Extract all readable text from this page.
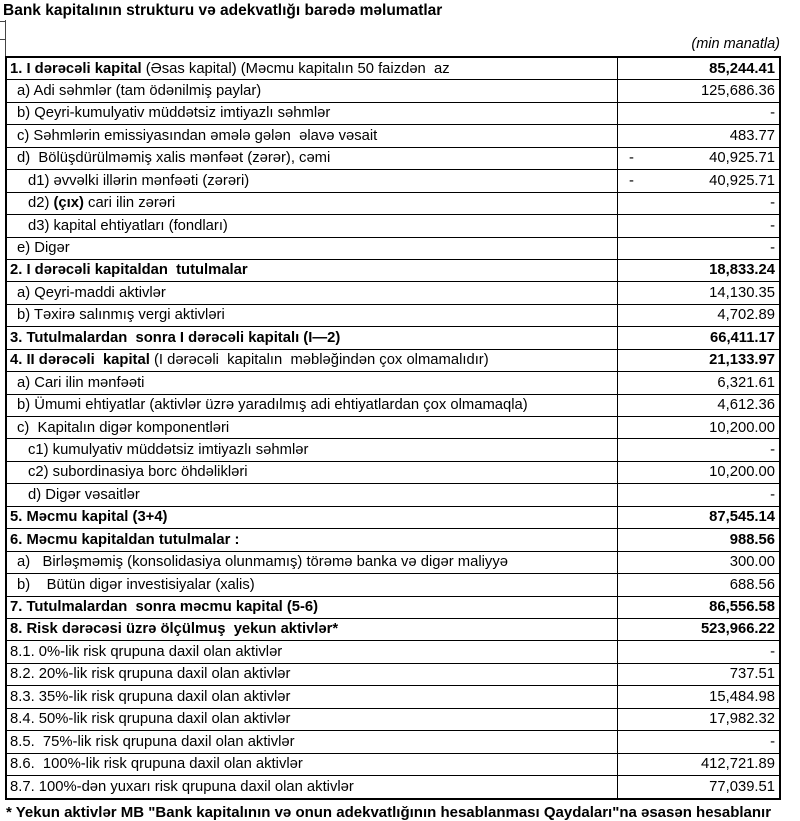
Bank kapitalının strukturu və adekvatlığı barədə məlumatlar
(min manatla)
1. I dərəcəli kapital (Əsas kapital) (Məcmu kapitalın 50 faizdən  az	85,244.41
a) Adi səhmlər (tam ödənilmiş paylar)	125,686.36
b) Qeyri-kumulyativ müddətsiz imtiyazlı səhmlər	-
c) Səhmlərin emissiyasından əmələ gələn  əlavə vəsait	483.77
d)  Bölüşdürülməmiş xalis mənfəət (zərər), cəmi	-	40,925.71
d1) əvvəlki illərin mənfəəti (zərəri)	-	40,925.71
d2) (çıx) cari ilin zərəri	-
d3) kapital ehtiyatları (fondları)	-
e) Digər	-
2. I dərəcəli kapitaldan  tutulmalar	18,833.24
a) Qeyri-maddi aktivlər	14,130.35
b) Təxirə salınmış vergi aktivləri	4,702.89
3. Tutulmalardan  sonra I dərəcəli kapitalı (I—2)	66,411.17
4. II dərəcəli  kapital (I dərəcəli  kapitalın  məbləğindən çox olmamalıdır)	21,133.97
a) Cari ilin mənfəəti	6,321.61
b) Ümumi ehtiyatlar (aktivlər üzrə yaradılmış adi ehtiyatlardan çox olmamaqla)	4,612.36
c)  Kapitalın digər komponentləri	10,200.00
c1) kumulyativ müddətsiz imtiyazlı səhmlər	-
c2) subordinasiya borc öhdəlikləri	10,200.00
d) Digər vəsaitlər	-
5. Məcmu kapital (3+4)	87,545.14
6. Məcmu kapitaldan tutulmalar :	988.56
a)   Birləşməmiş (konsolidasiya olunmamış) törəmə banka və digər maliyyə	300.00
b)    Bütün digər investisiyalar (xalis)	688.56
7. Tutulmalardan  sonra məcmu kapital (5-6)	86,556.58
8. Risk dərəcəsi üzrə ölçülmuş  yekun aktivlər*	523,966.22
8.1. 0%-lik risk qrupuna daxil olan aktivlər	-
8.2. 20%-lik risk qrupuna daxil olan aktivlər	737.51
8.3. 35%-lik risk qrupuna daxil olan aktivlər	15,484.98
8.4. 50%-lik risk qrupuna daxil olan aktivlər	17,982.32
8.5.  75%-lik risk qrupuna daxil olan aktivlər	-
8.6.  100%-lik risk qrupuna daxil olan aktivlər	412,721.89
8.7. 100%-dən yuxarı risk qrupuna daxil olan aktivlər	77,039.51
* Yekun aktivlər MB "Bank kapitalının və onun adekvatlığının hesablanması Qaydaları"na əsasən hesablanır
